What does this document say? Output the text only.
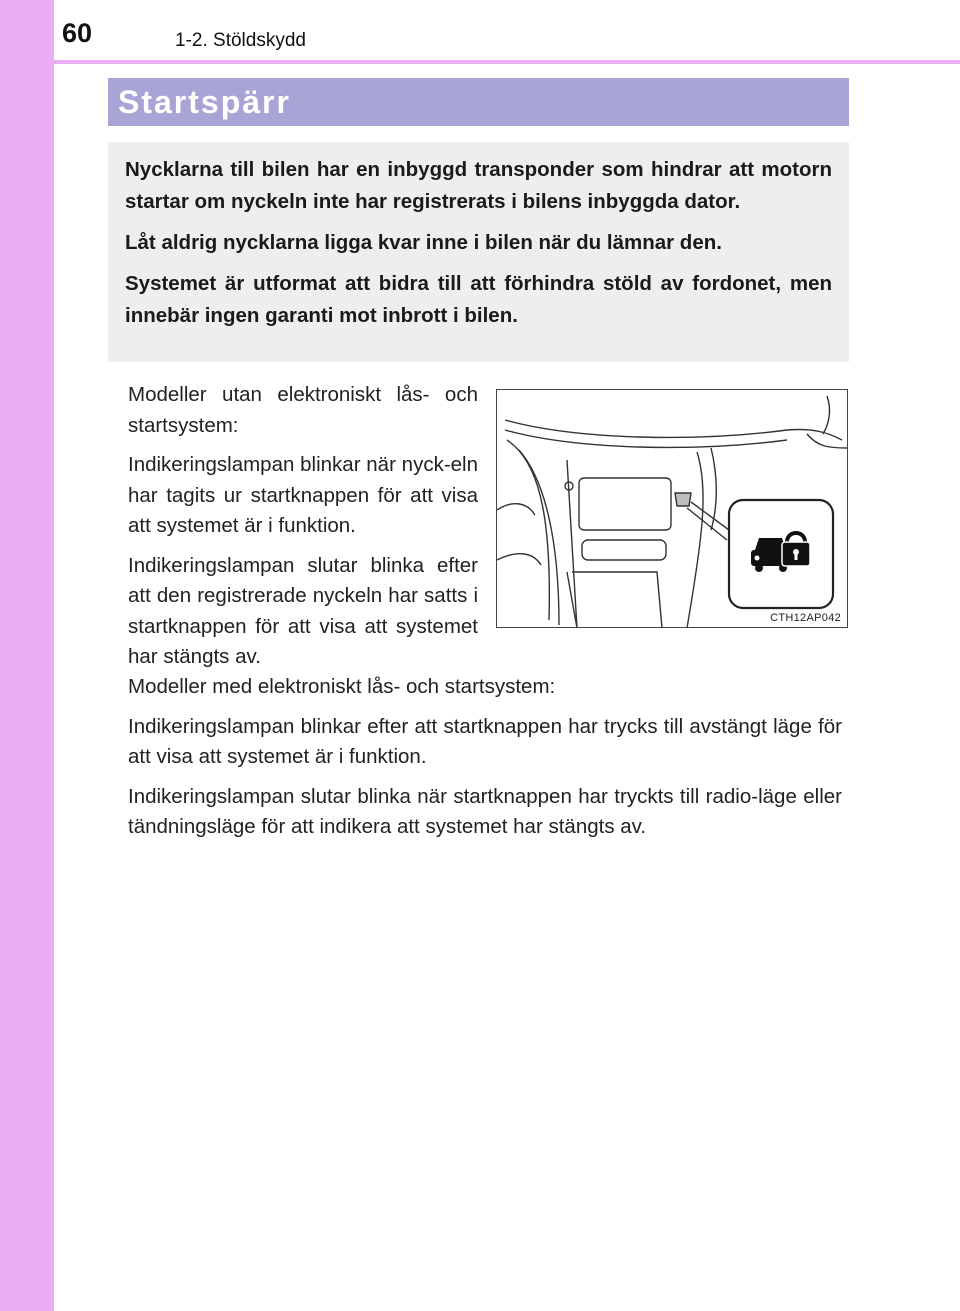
60	1-2. Stöldskydd
Startspärr

Nycklarna till bilen har en inbyggd transponder som hindrar att motorn startar om nyckeln inte har registrerats i bilens inbyggda dator.

Låt aldrig nycklarna ligga kvar inne i bilen när du lämnar den.

Systemet är utformat att bidra till att förhindra stöld av fordonet, men innebär ingen garanti mot inbrott i bilen.

Modeller utan elektroniskt lås- och startsystem:

Indikeringslampan blinkar när nyck-eln har tagits ur startknappen för att visa att systemet är i funktion.

Indikeringslampan slutar blinka efter att den registrerade nyckeln har satts i startknappen för att visa att systemet har stängts av.

CTH12AP042

Modeller med elektroniskt lås- och startsystem:

Indikeringslampan blinkar efter att startknappen har trycks till avstängt läge för att visa att systemet är i funktion.

Indikeringslampan slutar blinka när startknappen har tryckts till radio-läge eller tändningsläge för att indikera att systemet har stängts av.
